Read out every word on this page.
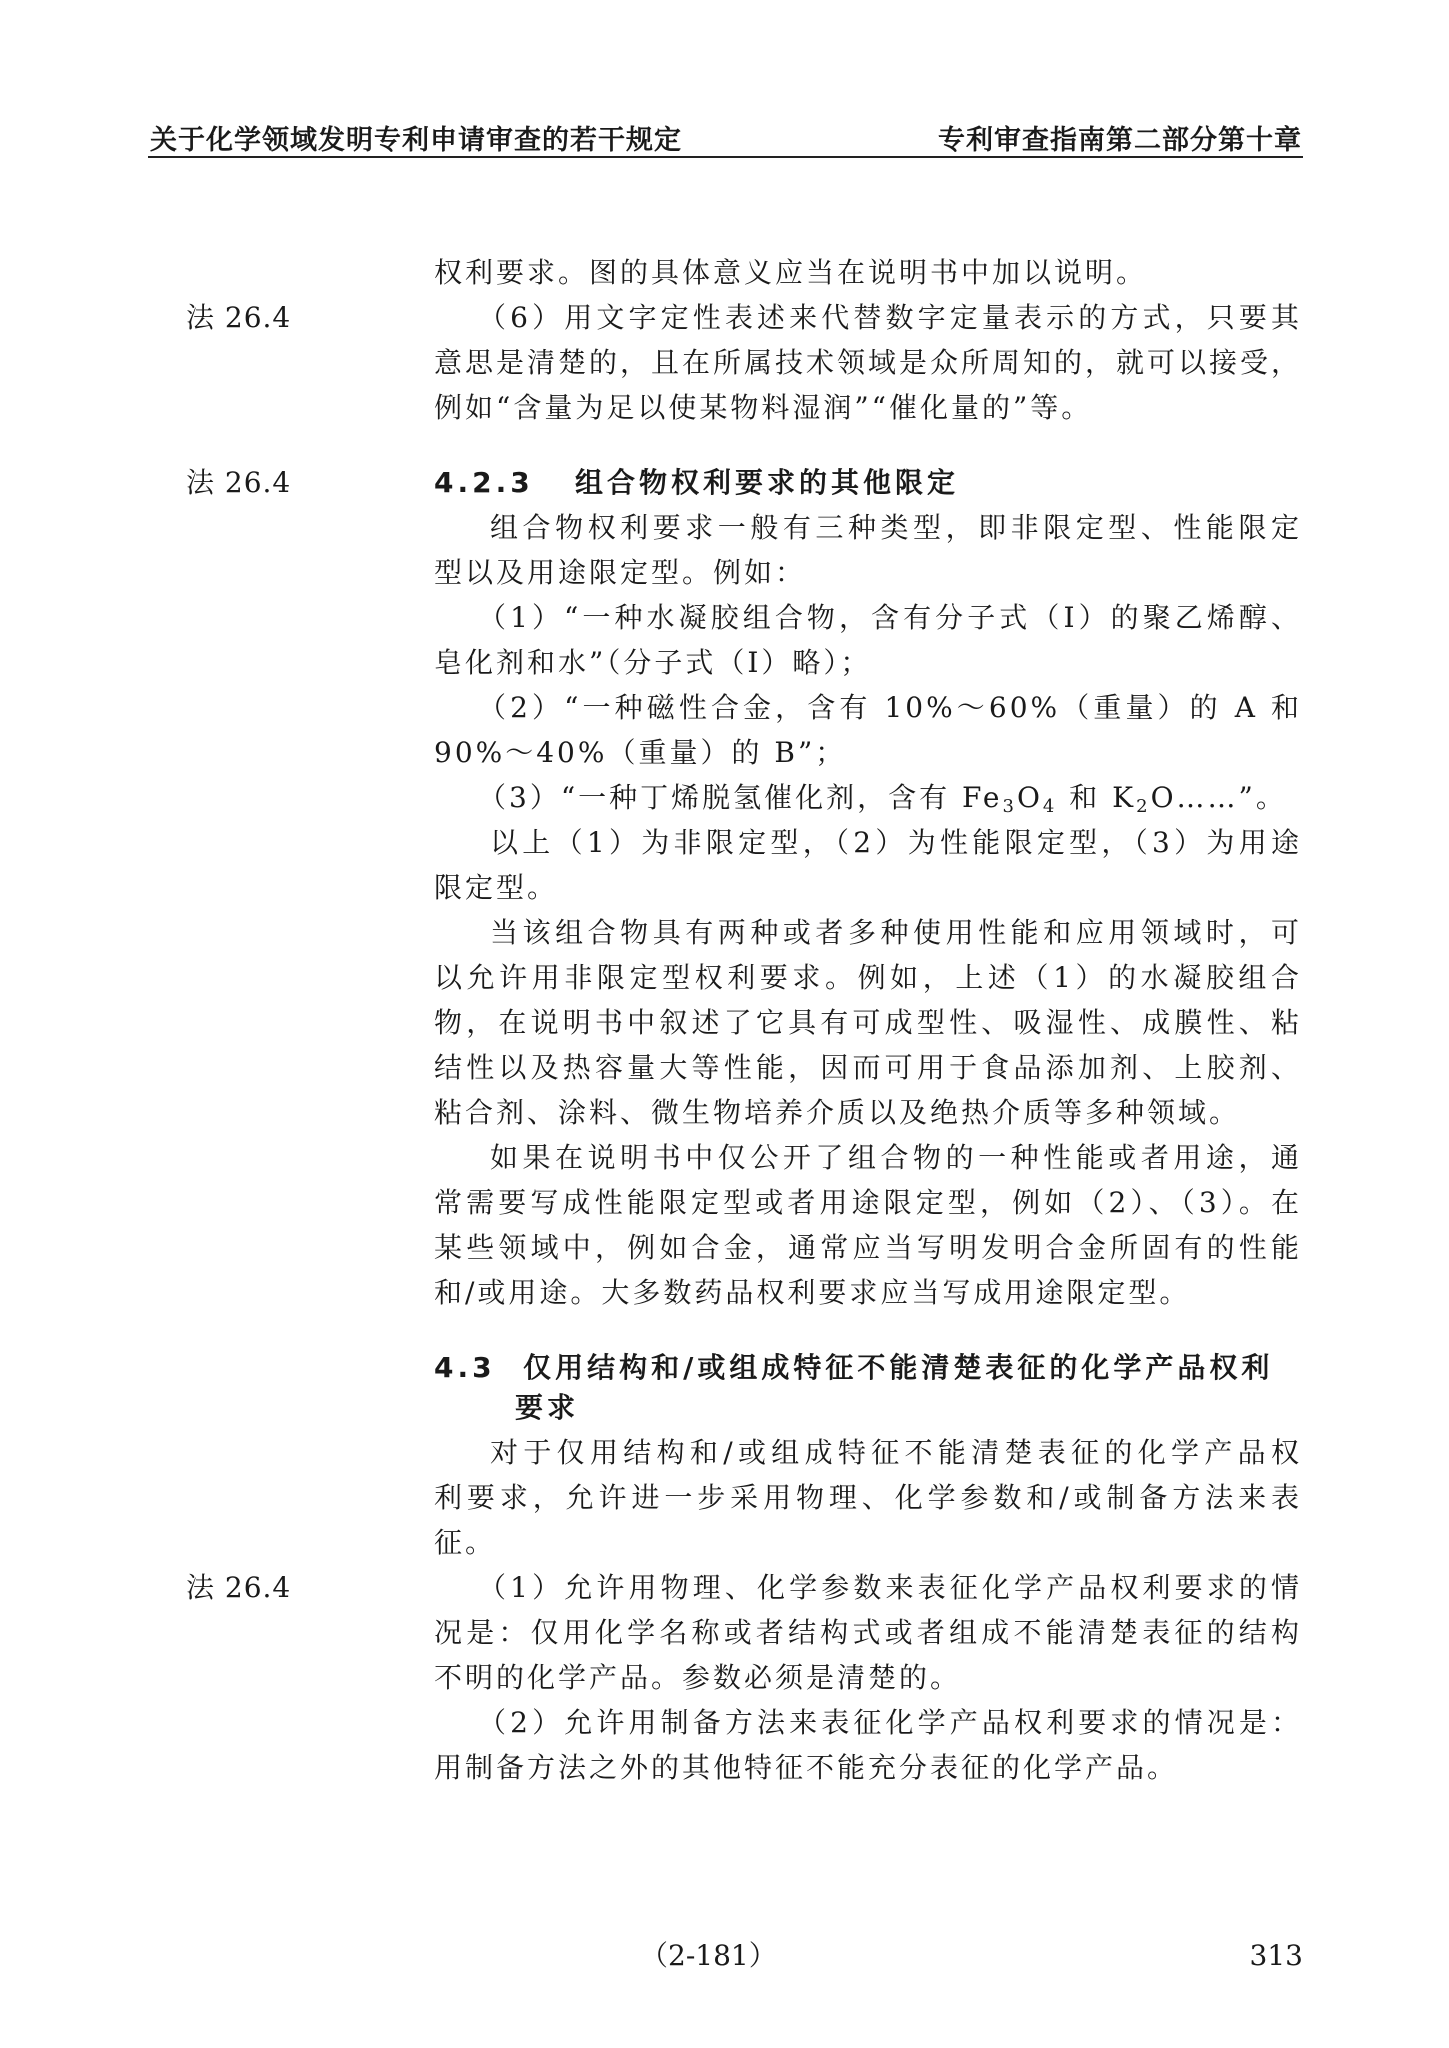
关于化学领域发明专利申请审查的若干规定	专利审查指南第二部分第十章
权利要求。图的具体意义应当在说明书中加以说明。
法 26.4	（6）用文字定性表述来代替数字定量表示的方式，只要其
意思是清楚的，且在所属技术领域是众所周知的，就可以接受，
例如“含量为足以使某物料湿润”“催化量的”等。
法 26.4	4.2.3 组合物权利要求的其他限定
组合物权利要求一般有三种类型，即非限定型、性能限定
型以及用途限定型。例如：
（1）“一种水凝胶组合物，含有分子式（Ⅰ）的聚乙烯醇、
皂化剂和水”（分子式（Ⅰ）略）；
（2）“一种磁性合金，含有 10%～60%（重量）的 A 和
90%～40%（重量）的 B”；
（3）“一种丁烯脱氢催化剂，含有 $Fe_3O_4$ 和 $K_2O\dots\dots$”。
以上（1）为非限定型，（2）为性能限定型，（3）为用途
限定型。
当该组合物具有两种或者多种使用性能和应用领域时，可
以允许用非限定型权利要求。例如，上述（1）的水凝胶组合
物，在说明书中叙述了它具有可成型性、吸湿性、成膜性、粘
结性以及热容量大等性能，因而可用于食品添加剂、上胶剂、
粘合剂、涂料、微生物培养介质以及绝热介质等多种领域。
如果在说明书中仅公开了组合物的一种性能或者用途，通
常需要写成性能限定型或者用途限定型，例如（2）、（3）。在
某些领域中，例如合金，通常应当写明发明合金所固有的性能
和/或用途。大多数药品权利要求应当写成用途限定型。
4.3 仅用结构和/或组成特征不能清楚表征的化学产品权利
要求
对于仅用结构和/或组成特征不能清楚表征的化学产品权
利要求，允许进一步采用物理、化学参数和/或制备方法来表
征。
法 26.4	（1）允许用物理、化学参数来表征化学产品权利要求的情
况是：仅用化学名称或者结构式或者组成不能清楚表征的结构
不明的化学产品。参数必须是清楚的。
（2）允许用制备方法来表征化学产品权利要求的情况是：
用制备方法之外的其他特征不能充分表征的化学产品。
（2-181）	313
